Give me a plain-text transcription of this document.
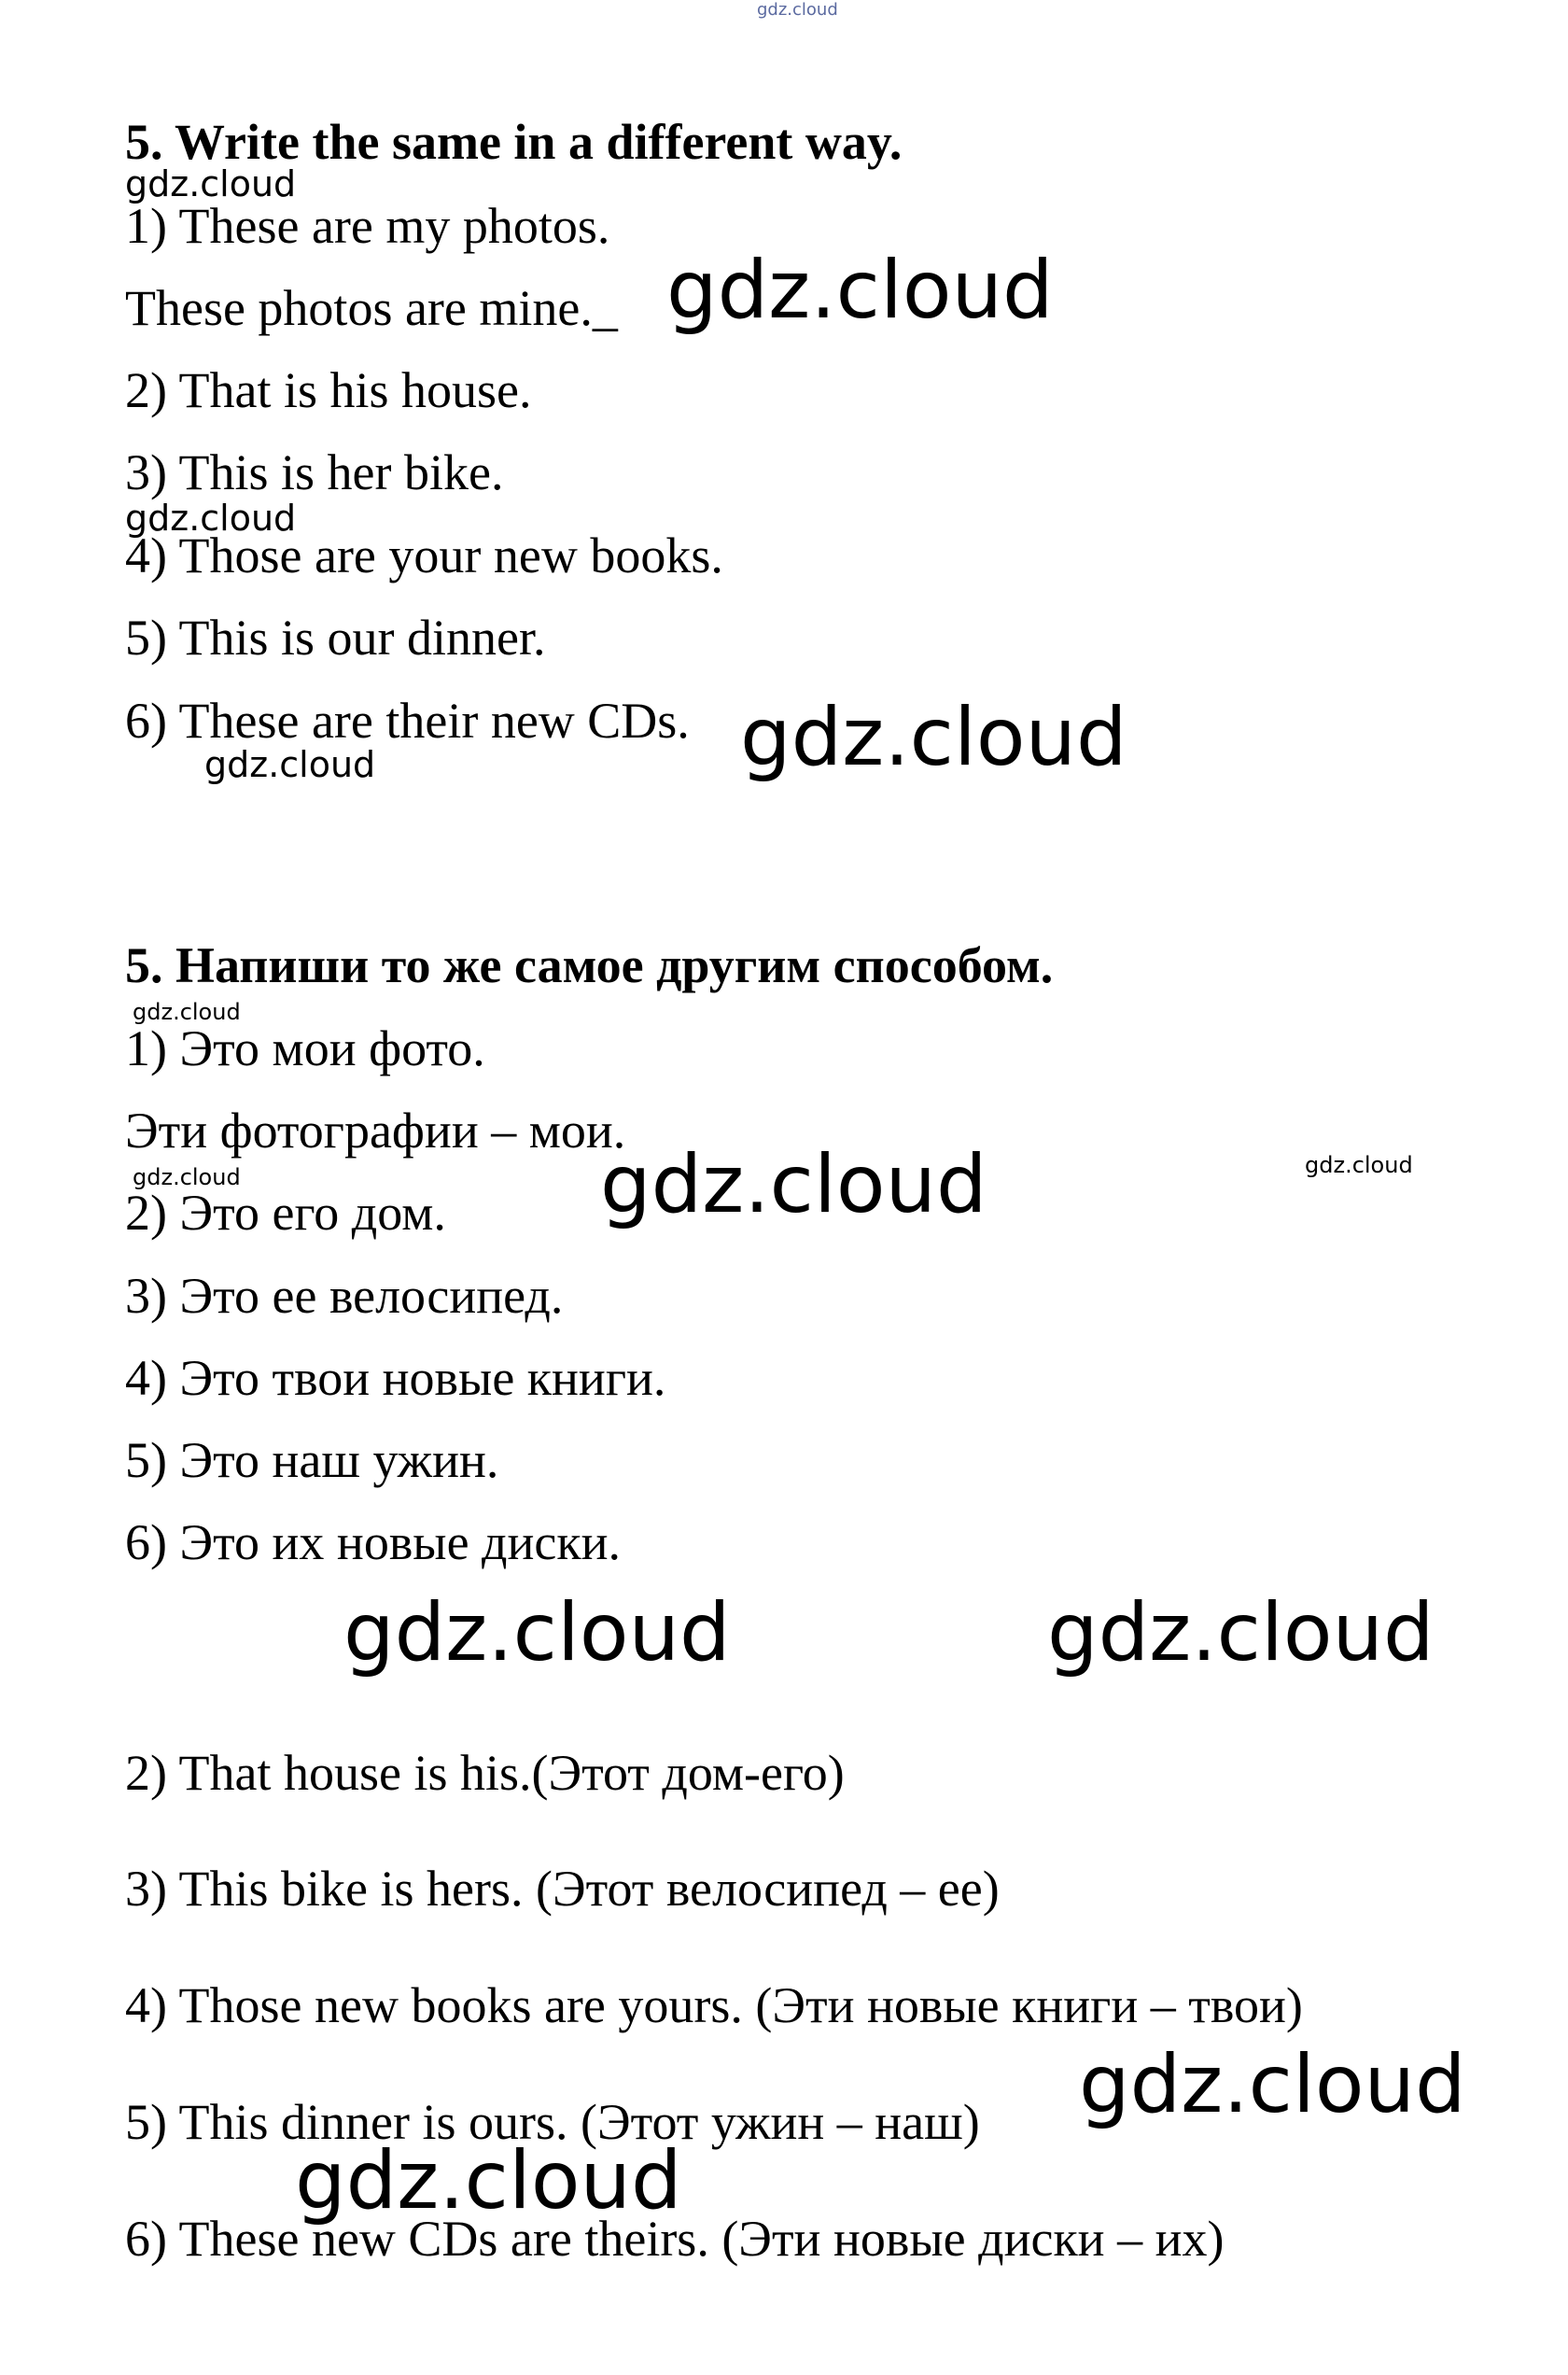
5. Write the same in a different way.
1) These are my photos.
These photos are mine._
2) That is his house.
3) This is her bike.
4) Those are your new books.
5) This is our dinner.
6) These are their new CDs.
5. Напиши то же самое другим способом.
1) Это мои фото.
Эти фотографии – мои.
2) Это его дом.
3) Это ее велосипед.
4) Это твои новые книги.
5) Это наш ужин.
6) Это их новые диски.
2) That house is his.(Этот дом-его)
3) This bike is hers. (Этот велосипед – ее)
4) Those new books are yours. (Эти новые книги – твои)
5) This dinner is ours. (Этот ужин – наш)
6) These new CDs are theirs. (Эти новые диски – их)
gdz.cloud
gdz.cloud
gdz.cloud
gdz.cloud
gdz.cloud
gdz.cloud
gdz.cloud
gdz.cloud	gdz.cloud
gdz.cloud
gdz.cloud	gdz.cloud
gdz.cloud
gdz.cloud
